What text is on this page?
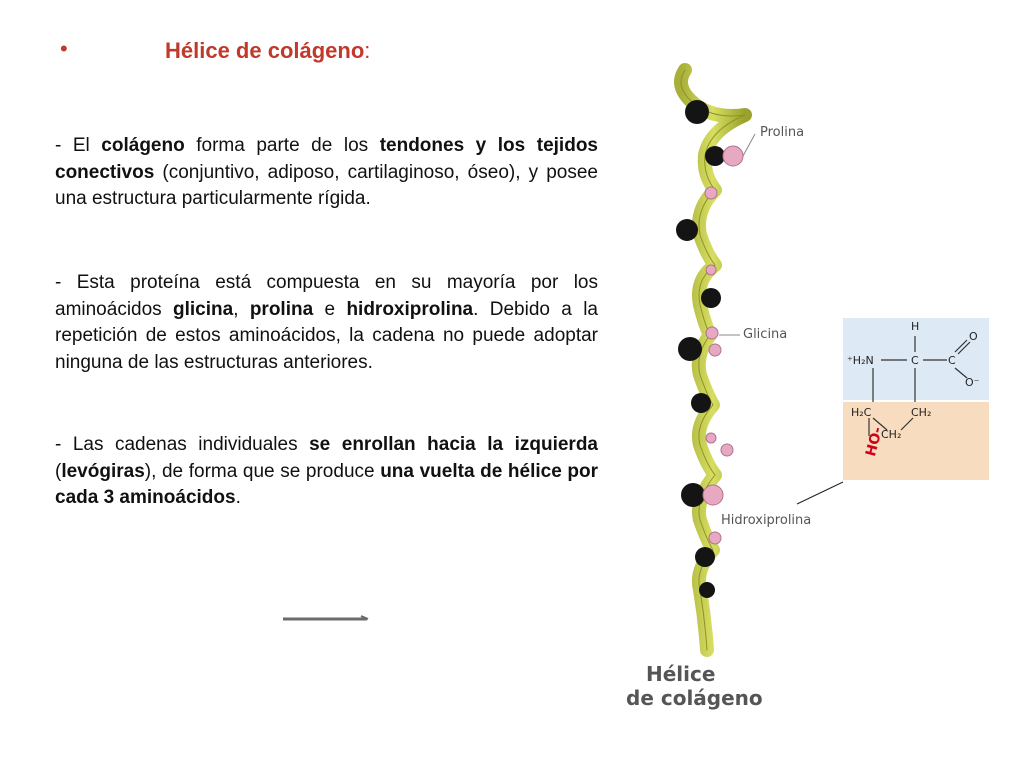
•	Hélice de colágeno:
- El colágeno forma parte de los tendones y los tejidos conectivos (conjuntivo, adiposo, cartilaginoso, óseo), y posee una estructura particularmente rígida.
- Esta proteína está compuesta en su mayoría por los aminoácidos glicina, prolina e hidroxiprolina. Debido a la repetición de estos aminoácidos, la cadena no puede adoptar ninguna de las estructuras anteriores.
- Las cadenas individuales se enrollan hacia la izquierda (levógiras), de forma que se produce una vuelta de hélice por cada 3 aminoácidos.
Prolina
Glicina
Hidroxiprolina
Hélice
de colágeno
H
⁺H₂N	C	C
O
O⁻
H₂C	CH₂
CH₂
HO-
